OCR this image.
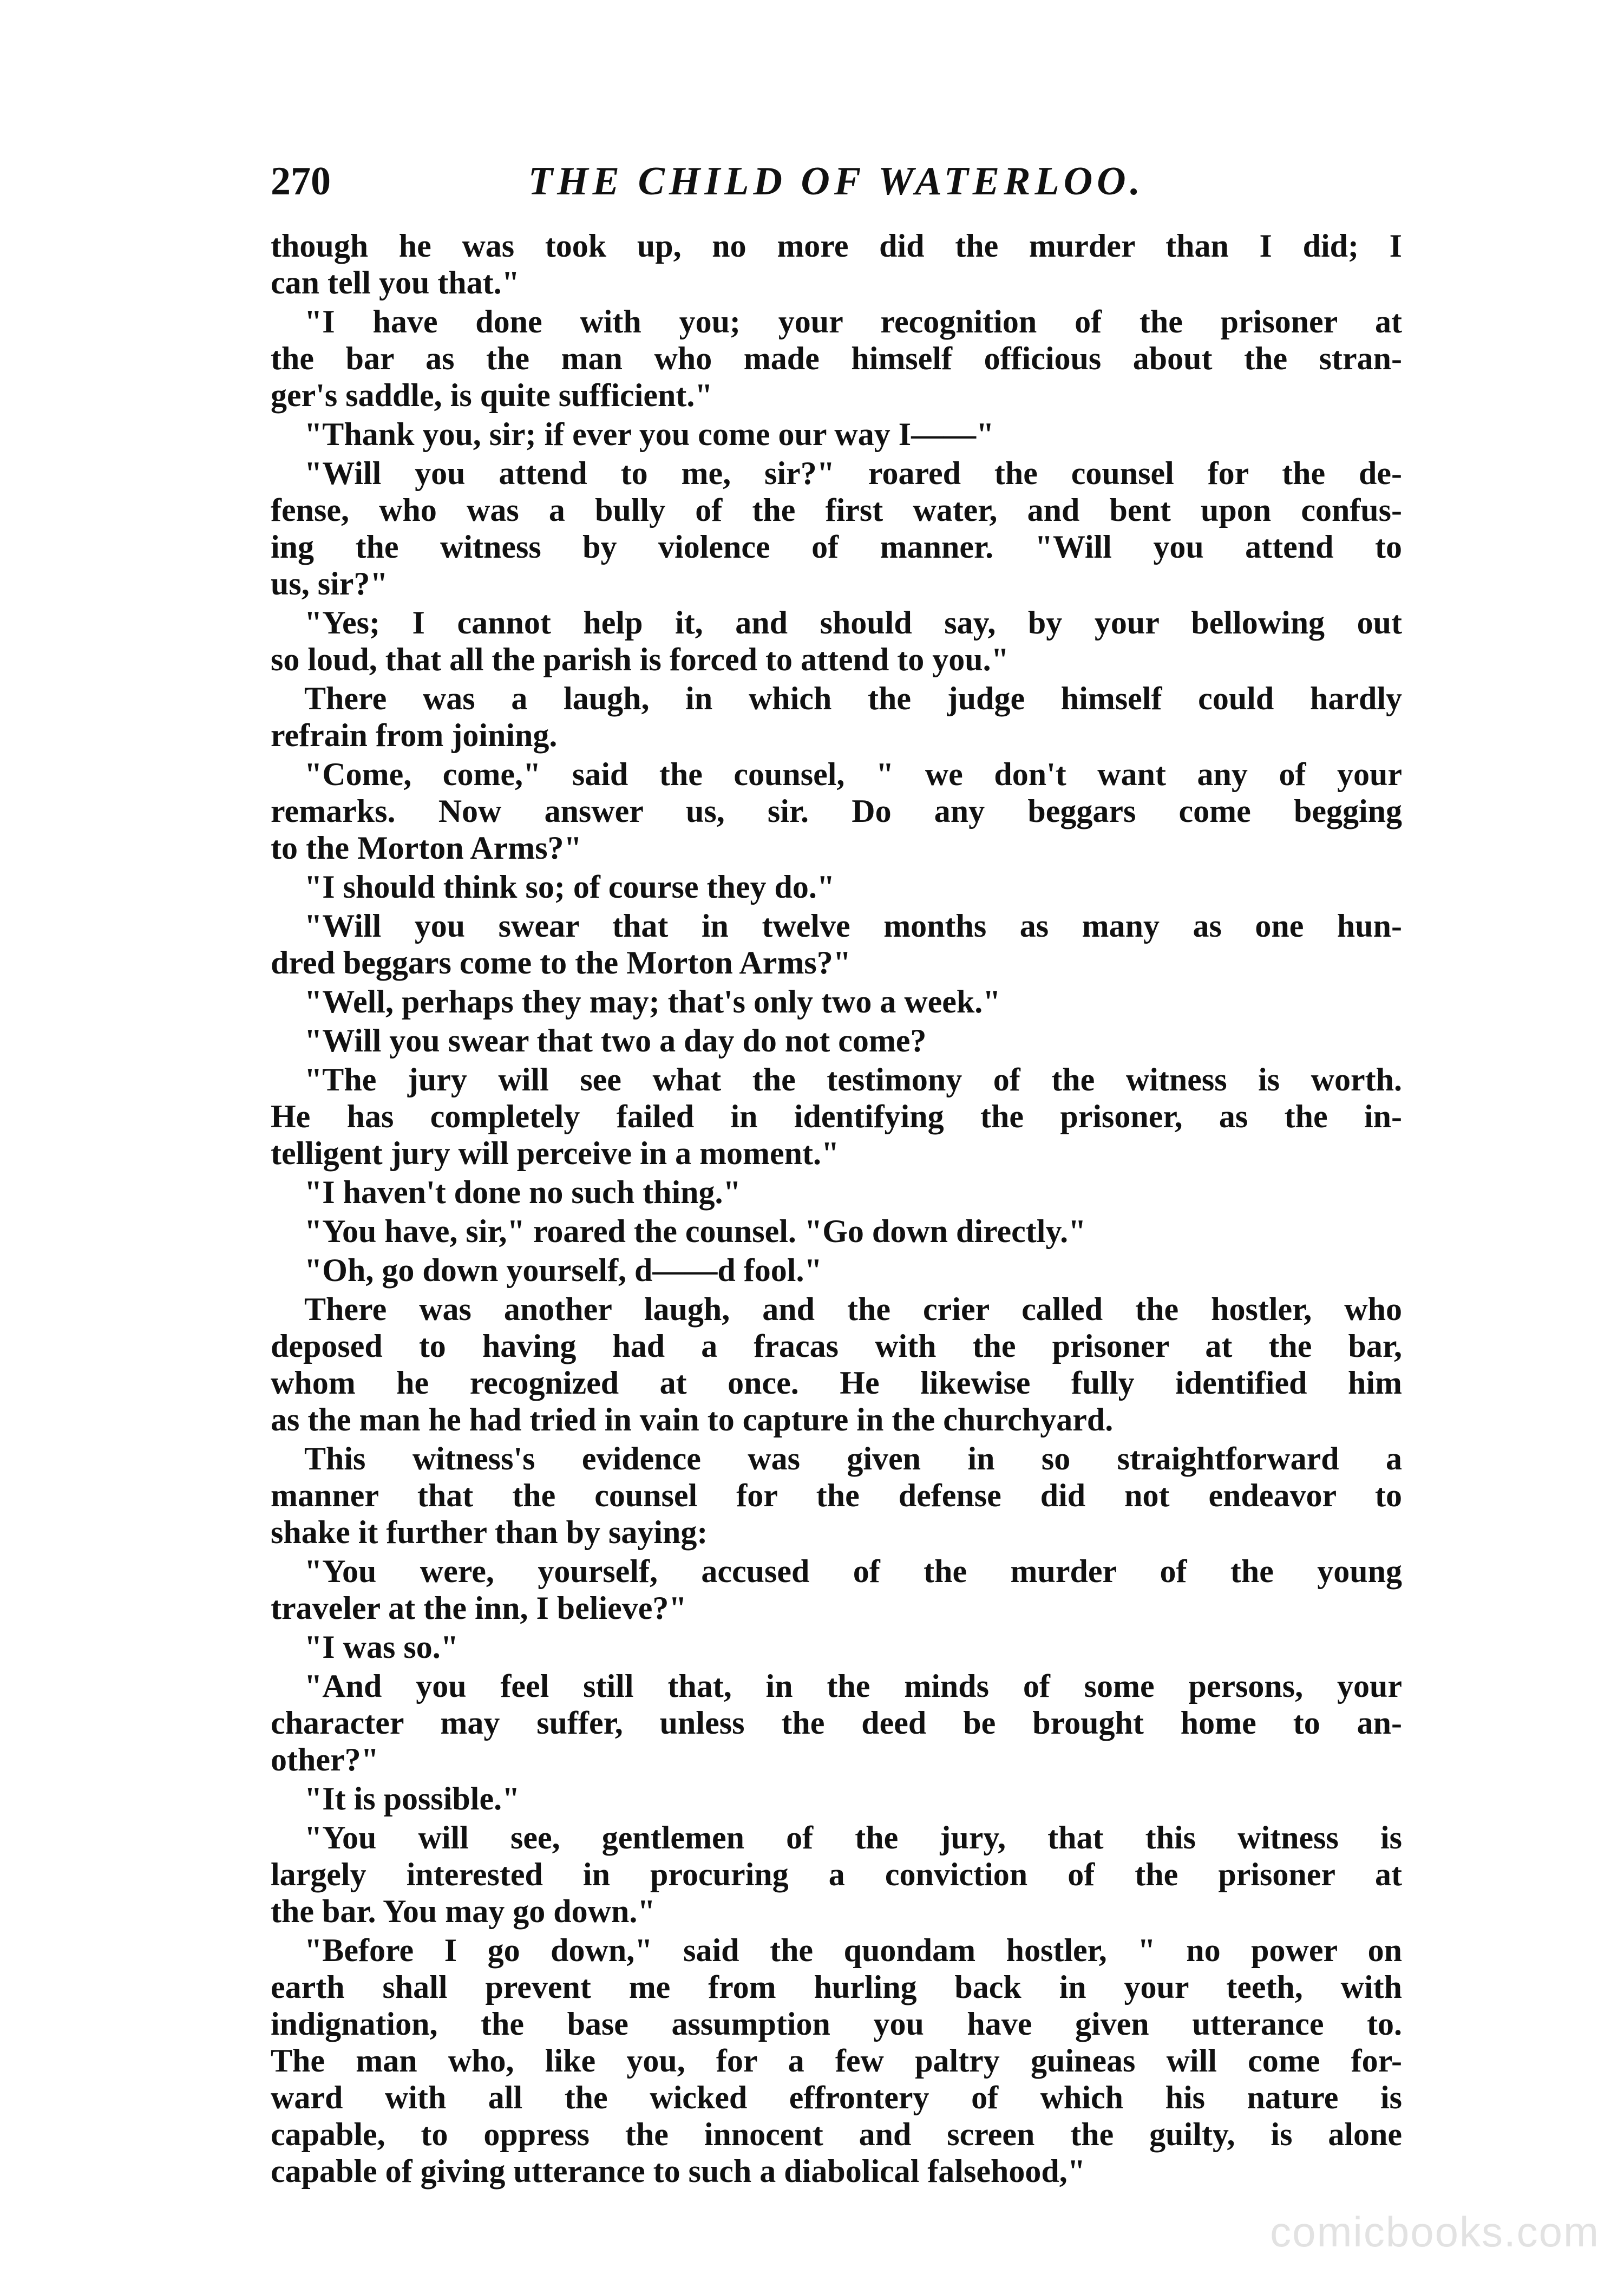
270	THE CHILD OF WATERLOO.
though he was took up, no more did the murder than I did; I
can tell you that."
"I have done with you; your recognition of the prisoner at
the bar as the man who made himself officious about the stran-
ger's saddle, is quite sufficient."
"Thank you, sir; if ever you come our way I——"
"Will you attend to me, sir?" roared the counsel for the de-
fense, who was a bully of the first water, and bent upon confus-
ing the witness by violence of manner. "Will you attend to
us, sir?"
"Yes; I cannot help it, and should say, by your bellowing out
so loud, that all the parish is forced to attend to you."
There was a laugh, in which the judge himself could hardly
refrain from joining.
"Come, come," said the counsel, " we don't want any of your
remarks. Now answer us, sir. Do any beggars come begging
to the Morton Arms?"
"I should think so; of course they do."
"Will you swear that in twelve months as many as one hun-
dred beggars come to the Morton Arms?"
"Well, perhaps they may; that's only two a week."
"Will you swear that two a day do not come?
"The jury will see what the testimony of the witness is worth.
He has completely failed in identifying the prisoner, as the in-
telligent jury will perceive in a moment."
"I haven't done no such thing."
"You have, sir," roared the counsel. "Go down directly."
"Oh, go down yourself, d——d fool."
There was another laugh, and the crier called the hostler, who
deposed to having had a fracas with the prisoner at the bar,
whom he recognized at once. He likewise fully identified him
as the man he had tried in vain to capture in the churchyard.
This witness's evidence was given in so straightforward a
manner that the counsel for the defense did not endeavor to
shake it further than by saying:
"You were, yourself, accused of the murder of the young
traveler at the inn, I believe?"
"I was so."
"And you feel still that, in the minds of some persons, your
character may suffer, unless the deed be brought home to an-
other?"
"It is possible."
"You will see, gentlemen of the jury, that this witness is
largely interested in procuring a conviction of the prisoner at
the bar. You may go down."
"Before I go down," said the quondam hostler, " no power on
earth shall prevent me from hurling back in your teeth, with
indignation, the base assumption you have given utterance to.
The man who, like you, for a few paltry guineas will come for-
ward with all the wicked effrontery of which his nature is
capable, to oppress the innocent and screen the guilty, is alone
capable of giving utterance to such a diabolical falsehood,"
comicbooks.com
